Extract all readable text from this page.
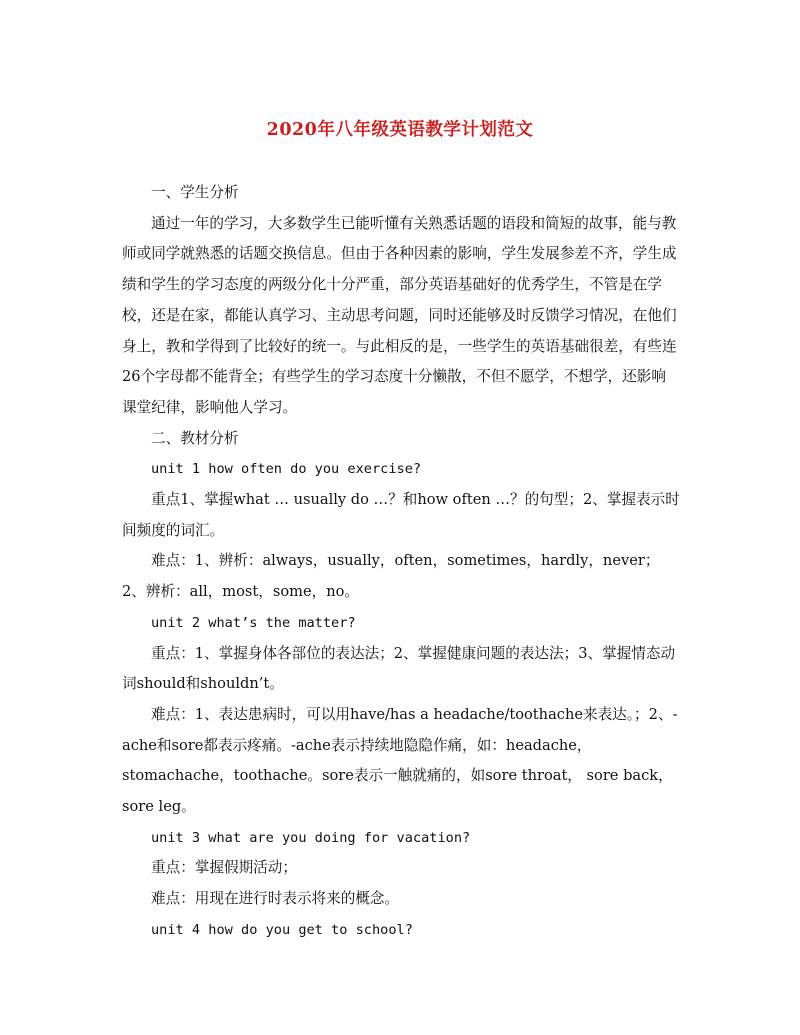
2020年八年级英语教学计划范文

一、学生分析

通过一年的学习，大多数学生已能听懂有关熟悉话题的语段和简短的故事，能与教师或同学就熟悉的话题交换信息。但由于各种因素的影响，学生发展参差不齐，学生成绩和学生的学习态度的两级分化十分严重，部分英语基础好的优秀学生，不管是在学校，还是在家，都能认真学习、主动思考问题，同时还能够及时反馈学习情况，在他们身上，教和学得到了比较好的统一。与此相反的是，一些学生的英语基础很差，有些连26个字母都不能背全；有些学生的学习态度十分懒散，不但不愿学，不想学，还影响课堂纪律，影响他人学习。

二、教材分析

unit 1 how often do you exercise?

重点1、掌握what … usually do …？和how often …？的句型；2、掌握表示时间频度的词汇。

难点：1、辨析：always，usually，often，sometimes，hardly，never；2、辨析：all，most，some，no。

unit 2 what’s the matter?

重点：1、掌握身体各部位的表达法；2、掌握健康问题的表达法；3、掌握情态动词should和shouldn’t。

难点：1、表达患病时，可以用have/has a headache/toothache来表达。；2、-ache和sore都表示疼痛。-ache表示持续地隐隐作痛，如：headache，stomachache，toothache。sore表示一触就痛的，如sore throat， sore back，sore leg。

unit 3 what are you doing for vacation?

重点：掌握假期活动；

难点：用现在进行时表示将来的概念。

unit 4 how do you get to school?
